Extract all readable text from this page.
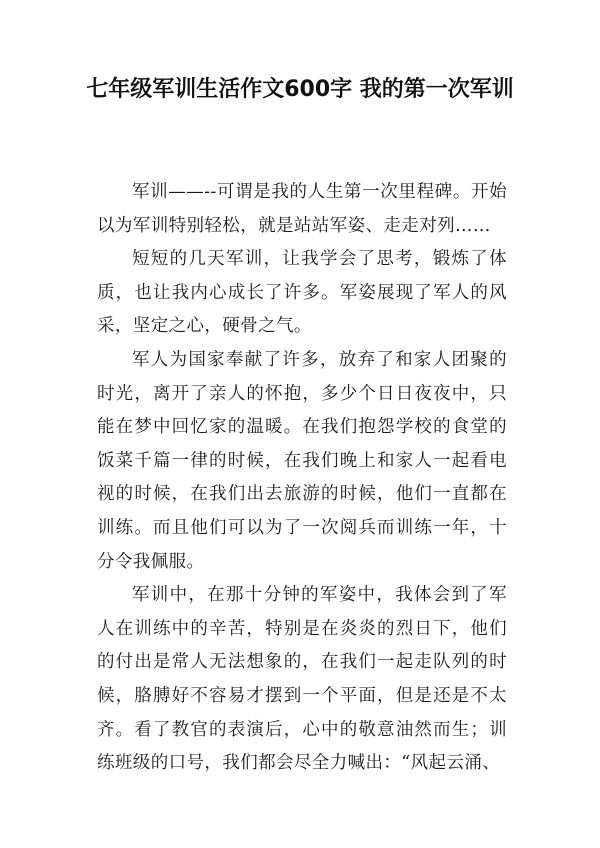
七年级军训生活作文600字 我的第一次军训

军训——--可谓是我的人生第一次里程碑。开始以为军训特别轻松，就是站站军姿、走走对列……

短短的几天军训，让我学会了思考，锻炼了体质，也让我内心成长了许多。军姿展现了军人的风采，坚定之心，硬骨之气。

军人为国家奉献了许多，放弃了和家人团聚的时光，离开了亲人的怀抱，多少个日日夜夜中，只能在梦中回忆家的温暖。在我们抱怨学校的食堂的饭菜千篇一律的时候，在我们晚上和家人一起看电视的时候，在我们出去旅游的时候，他们一直都在训练。而且他们可以为了一次阅兵而训练一年，十分令我佩服。

军训中，在那十分钟的军姿中，我体会到了军人在训练中的辛苦，特别是在炎炎的烈日下，他们的付出是常人无法想象的，在我们一起走队列的时候，胳膊好不容易才摆到一个平面，但是还是不太齐。看了教官的表演后，心中的敬意油然而生；训练班级的口号，我们都会尽全力喊出：“风起云涌、
